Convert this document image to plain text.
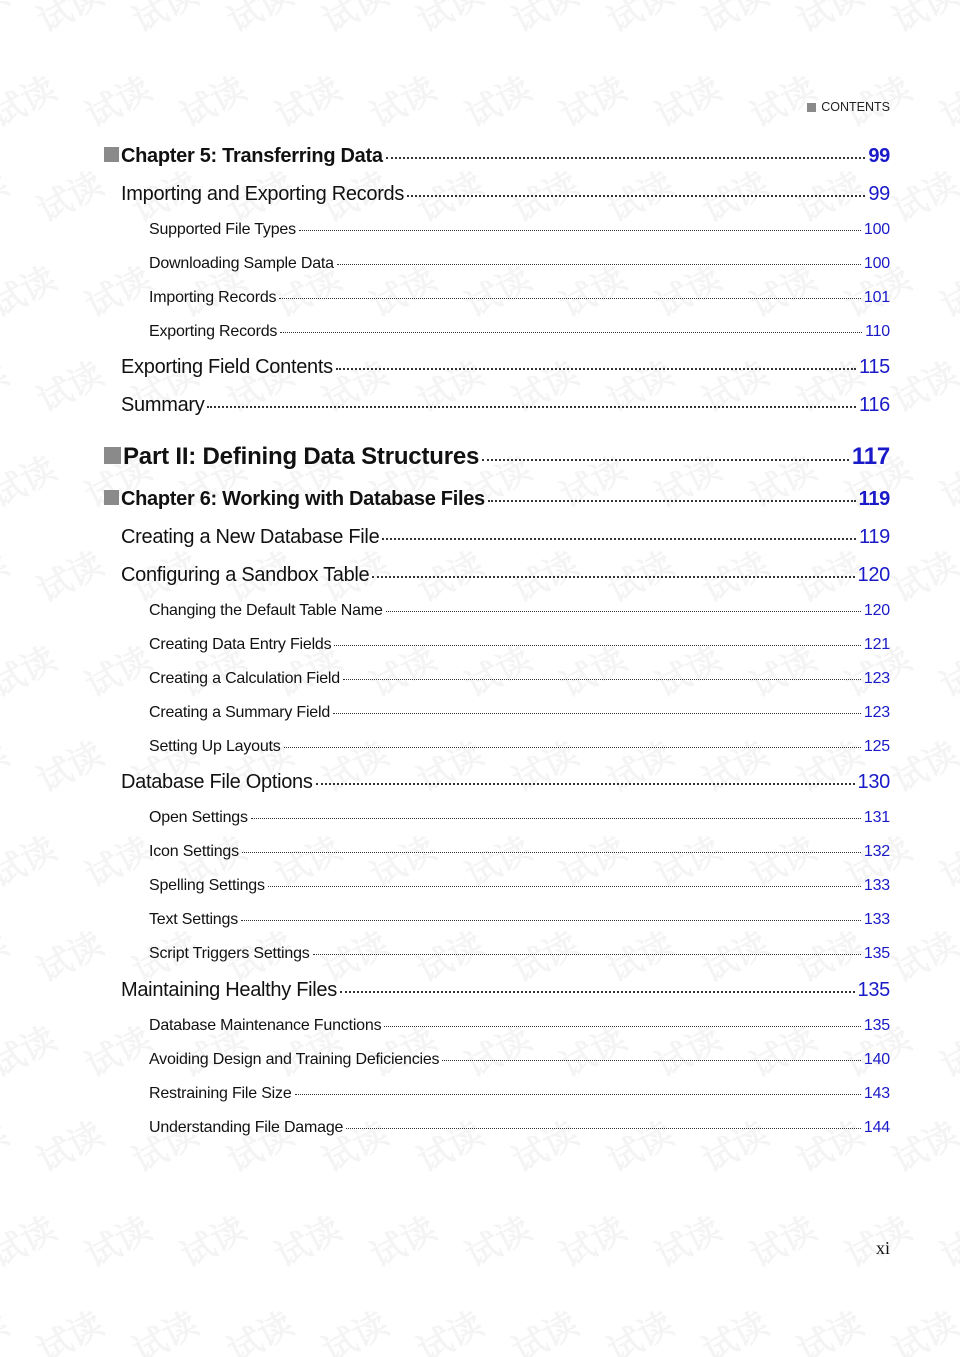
CONTENTS
Chapter 5: Transferring Data	99
Importing and Exporting Records	99
Supported File Types	100
Downloading Sample Data	100
Importing Records	101
Exporting Records	110
Exporting Field Contents	115
Summary	116
Part II: Defining Data Structures	117
Chapter 6: Working with Database Files	119
Creating a New Database File	119
Configuring a Sandbox Table	120
Changing the Default Table Name	120
Creating Data Entry Fields	121
Creating a Calculation Field	123
Creating a Summary Field	123
Setting Up Layouts	125
Database File Options	130
Open Settings	131
Icon Settings	132
Spelling Settings	133
Text Settings	133
Script Triggers Settings	135
Maintaining Healthy Files	135
Database Maintenance Functions	135
Avoiding Design and Training Deficiencies	140
Restraining File Size	143
Understanding File Damage	144
xi
